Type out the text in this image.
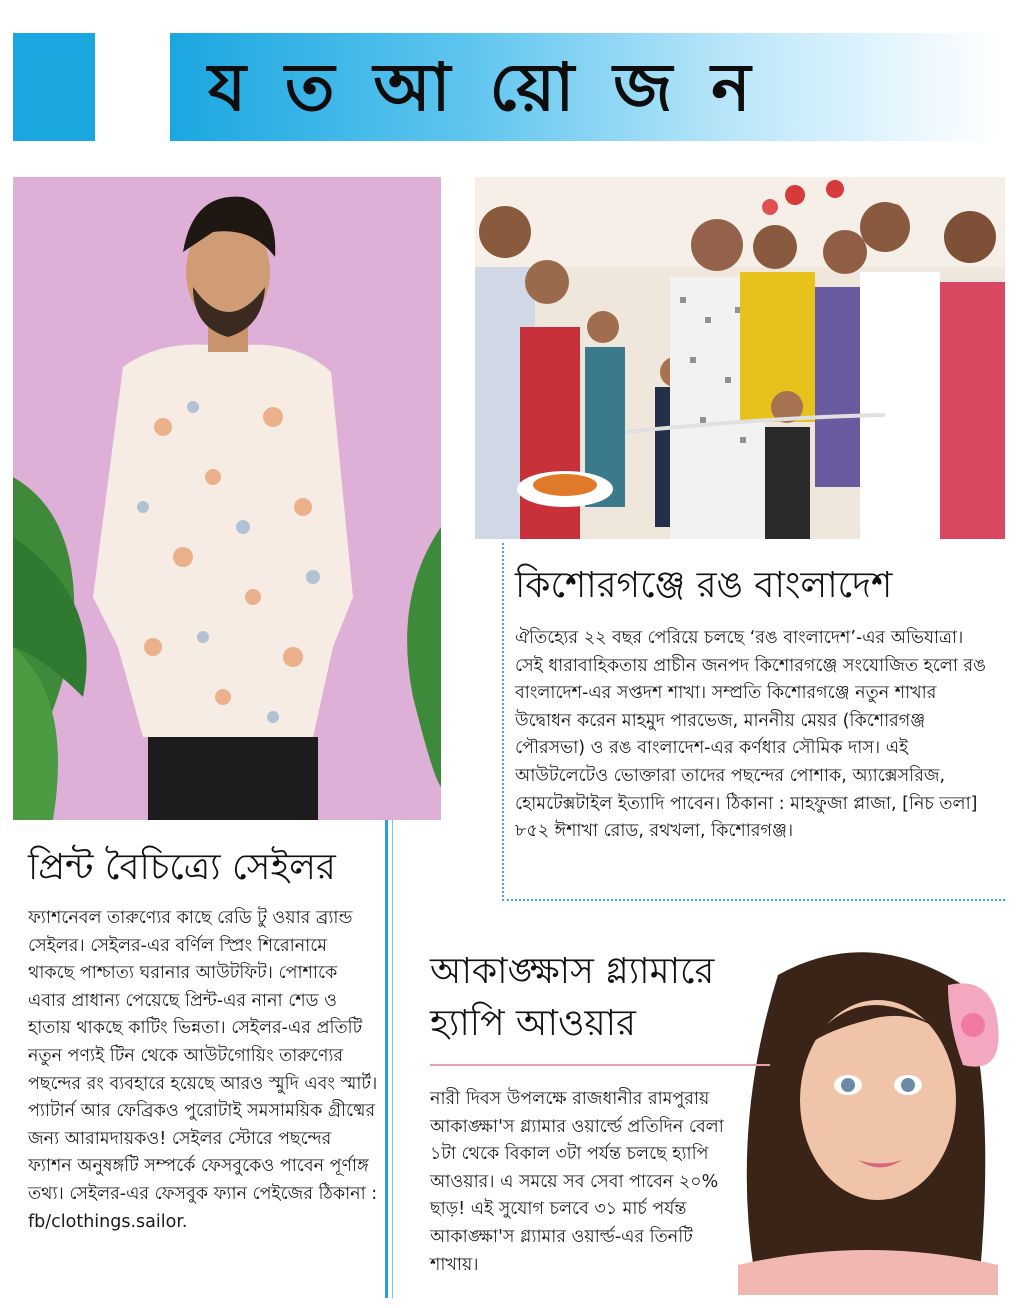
য ত আ য়ো জ ন
কিশোরগঞ্জে রঙ বাংলাদেশ

ঐতিহ্যের ২২ বছর পেরিয়ে চলছে ‘রঙ বাংলাদেশ’-এর অভিযাত্রা। সেই ধারাবাহিকতায় প্রাচীন জনপদ কিশোরগঞ্জে সংযোজিত হলো রঙ বাংলাদেশ-এর সপ্তদশ শাখা। সম্প্রতি কিশোরগঞ্জে নতুন শাখার উদ্বোধন করেন মাহমুদ পারভেজ, মাননীয় মেয়র (কিশোরগঞ্জ পৌরসভা) ও রঙ বাংলাদেশ-এর কর্ণধার সৌমিক দাস। এই আউটলেটেও ভোক্তারা তাদের পছন্দের পোশাক, অ্যাক্সেসরিজ, হোমটেক্সটাইল ইত্যাদি পাবেন। ঠিকানা : মাহফুজা প্লাজা, [নিচ তলা] ৮৫২ ঈশাখা রোড, রথখলা, কিশোরগঞ্জ।

প্রিন্ট বৈচিত্র্যে সেইলর

ফ্যাশনেবল তারুণ্যের কাছে রেডি টু ওয়ার ব্র্যান্ড সেইলর। সেইলর-এর বর্ণিল স্প্রিং শিরোনামে থাকছে পাশ্চাত্য ঘরানার আউটফিট। পোশাকে এবার প্রাধান্য পেয়েছে প্রিন্ট-এর নানা শেড ও হাতায় থাকছে কাটিং ভিন্নতা। সেইলর-এর প্রতিটি নতুন পণ্যই টিন থেকে আউটগোয়িং তারুণ্যের পছন্দের রং ব্যবহারে হয়েছে আরও স্মুদি এবং স্মার্ট। প্যাটার্ন আর ফেব্রিকও পুরোটাই সমসাময়িক গ্রীষ্মের জন্য আরামদায়কও! সেইলর স্টোরে পছন্দের ফ্যাশন অনুষঙ্গটি সম্পর্কে ফেসবুকেও পাবেন পূর্ণাঙ্গ তথ্য। সেইলর-এর ফেসবুক ফ্যান পেইজের ঠিকানা : fb/clothings.sailor.

আকাঙ্ক্ষাস গ্ল্যামারে হ্যাপি আওয়ার

নারী দিবস উপলক্ষে রাজধানীর রামপুরায় আকাঙ্ক্ষা'স গ্ল্যামার ওয়ার্ল্ডে প্রতিদিন বেলা ১টা থেকে বিকাল ৩টা পর্যন্ত চলছে হ্যাপি আওয়ার। এ সময়ে সব সেবা পাবেন ২০% ছাড়! এই সুযোগ চলবে ৩১ মার্চ পর্যন্ত আকাঙ্ক্ষা'স গ্ল্যামার ওয়ার্ল্ড-এর তিনটি শাখায়।
